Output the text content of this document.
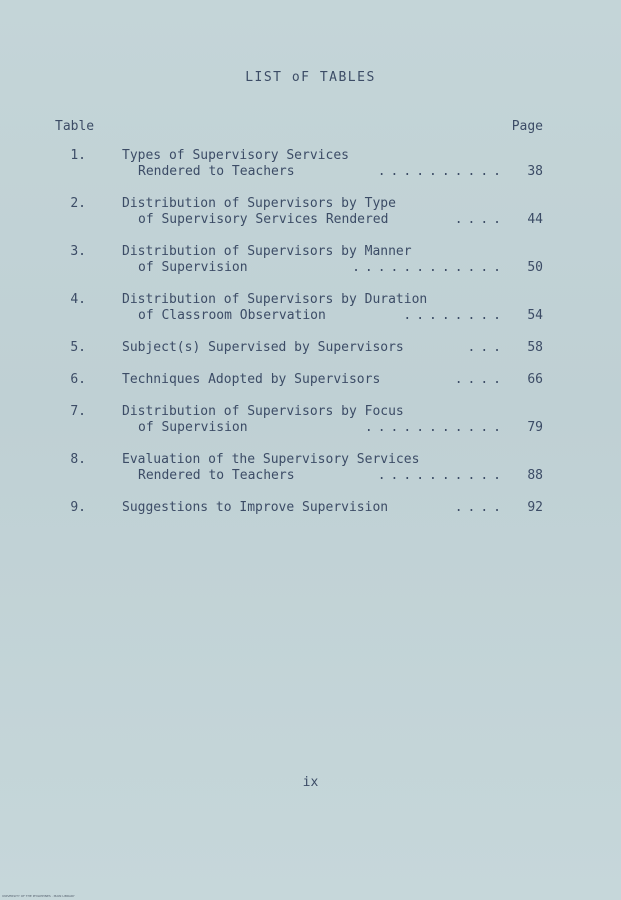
LIST oF TABLES
Table	Page
1.	Types of Supervisory Services
Rendered to Teachers	..........	38
2.	Distribution of Supervisors by Type
of Supervisory Services Rendered	....	44
3.	Distribution of Supervisors by Manner
of Supervision	............	50
4.	Distribution of Supervisors by Duration
of Classroom Observation	........	54
5.	Subject(s) Supervised by Supervisors	...	58
6.	Techniques Adopted by Supervisors	....	66
7.	Distribution of Supervisors by Focus
of Supervision	...........	79
8.	Evaluation of the Supervisory Services
Rendered to Teachers	..........	88
9.	Suggestions to Improve Supervision	....	92
ix
UNIVERSITY OF THE PHILIPPINES · MAIN LIBRARY
